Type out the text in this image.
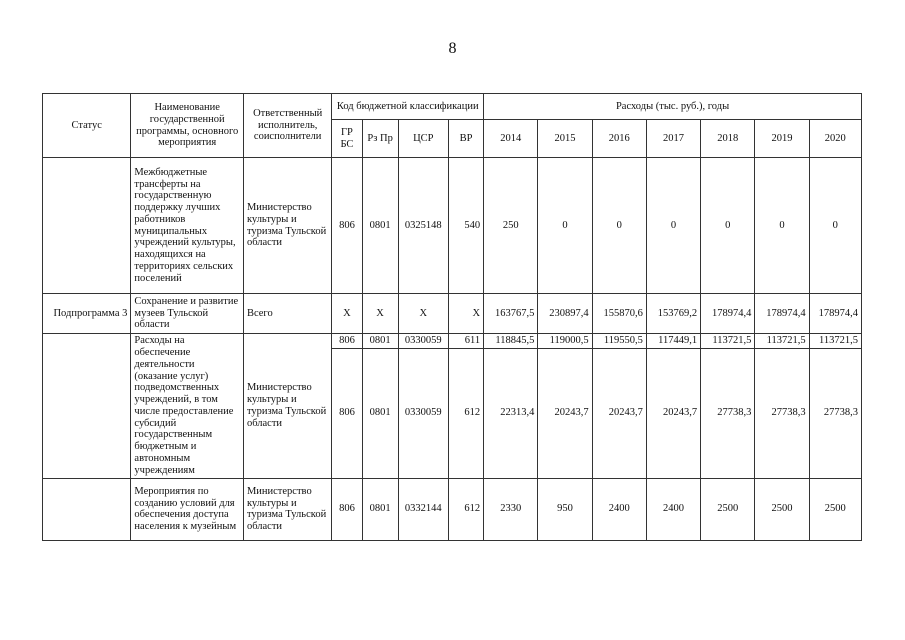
8
Статус	Наименование государственной программы, основного мероприятия	Ответственный исполнитель, соисполнители	Код бюджетной классификации				Расходы (тыс. руб.), годы						
			ГР БС	Рз Пр	ЦСР	ВР	2014	2015	2016	2017	2018	2019	2020
	Межбюджетные трансферты на государственную поддержку лучших работников муниципальных учреждений культуры, находящихся на территориях сельских поселений	Министерство культуры и туризма Тульской области	806	0801	0325148	540	250	0	0	0	0	0	0
Подпрограмма 3	Сохранение и развитие музеев Тульской области	Всего	X	X	X	X	163767,5	230897,4	155870,6	153769,2	178974,4	178974,4	178974,4
	Расходы на обеспечение деятельности (оказание услуг) подведомственных учреждений, в том числе предоставление субсидий государственным бюджетным и автономным учреждениям	Министерство культуры и туризма Тульской области	806	0801	0330059	611	118845,5	119000,5	119550,5	117449,1	113721,5	113721,5	113721,5
			806	0801	0330059	612	22313,4	20243,7	20243,7	20243,7	27738,3	27738,3	27738,3
	Мероприятия по созданию условий для обеспечения доступа населения к музейным	Министерство культуры и туризма Тульской области	806	0801	0332144	612	2330	950	2400	2400	2500	2500	2500
